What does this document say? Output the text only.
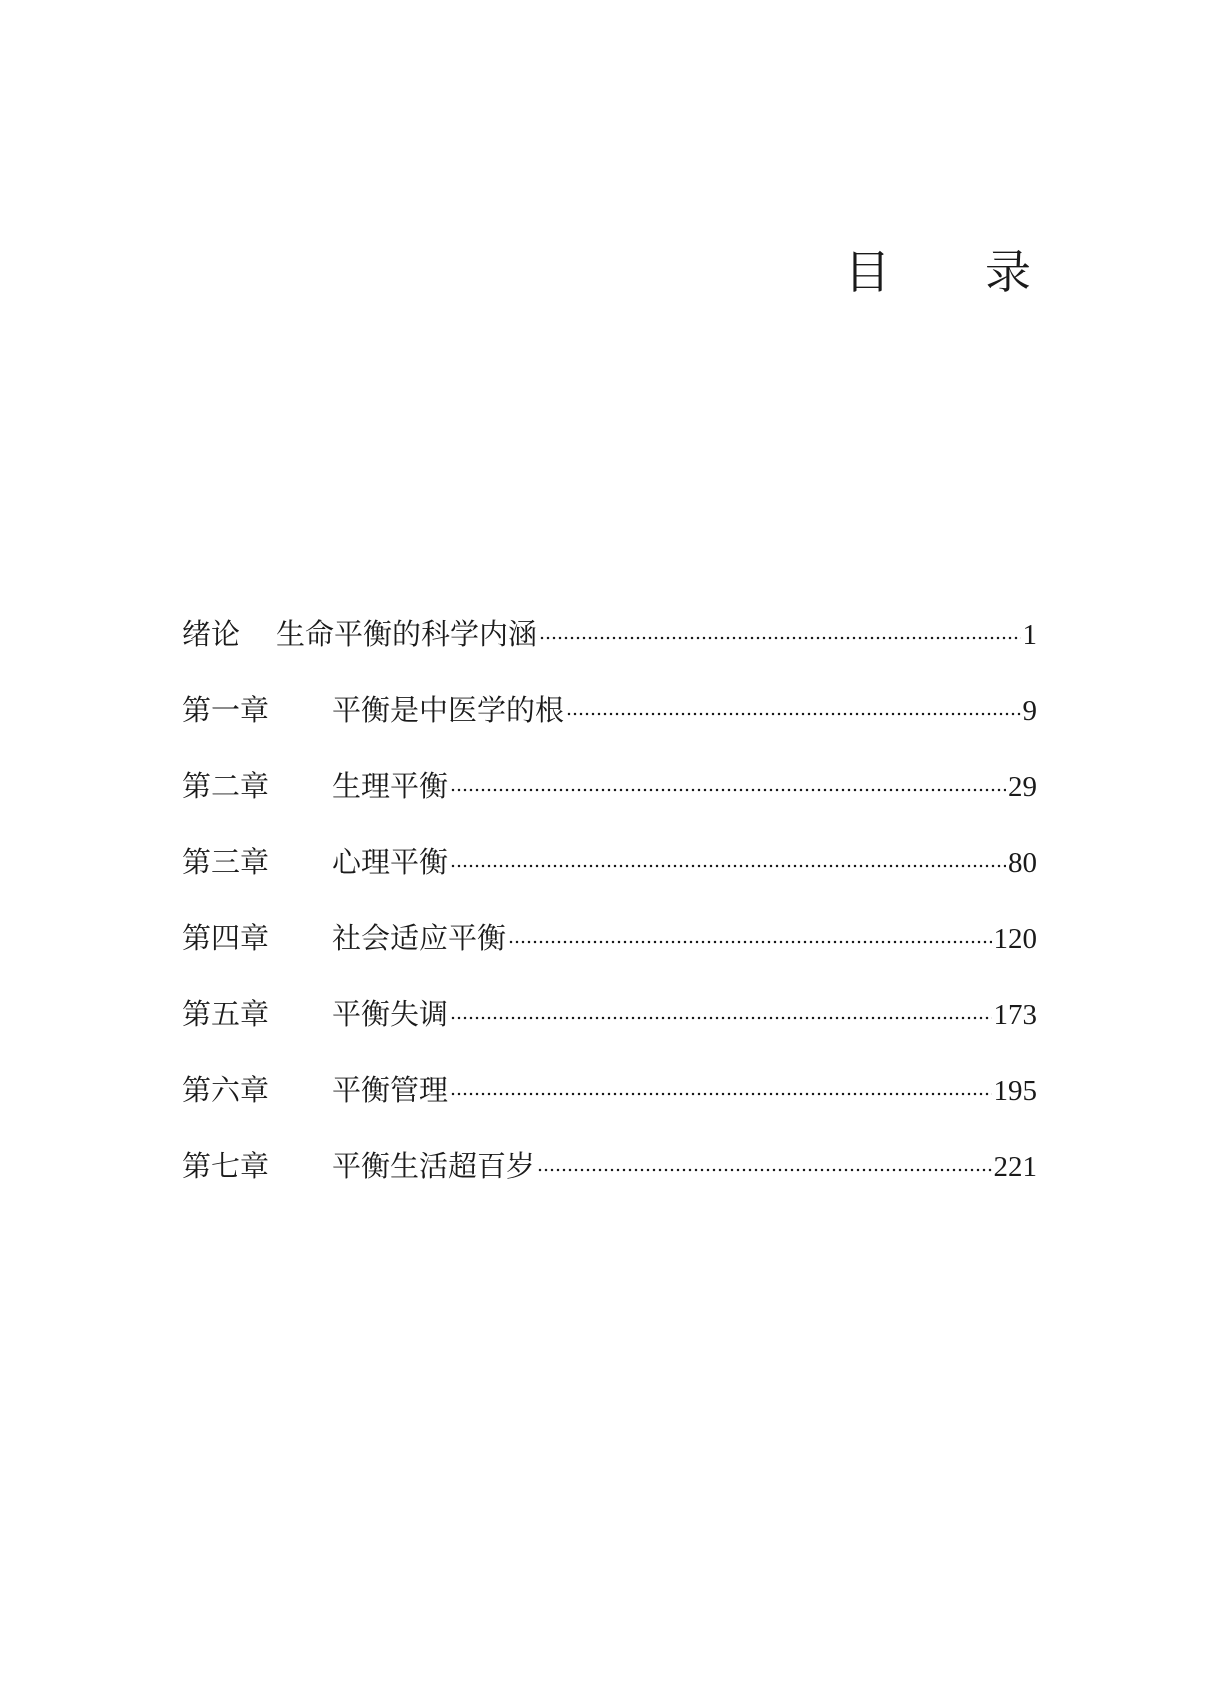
目 录
绪论 生命平衡的科学内涵	1
第一章 平衡是中医学的根	9
第二章 生理平衡	29
第三章 心理平衡	80
第四章 社会适应平衡	120
第五章 平衡失调	173
第六章 平衡管理	195
第七章 平衡生活超百岁	221
